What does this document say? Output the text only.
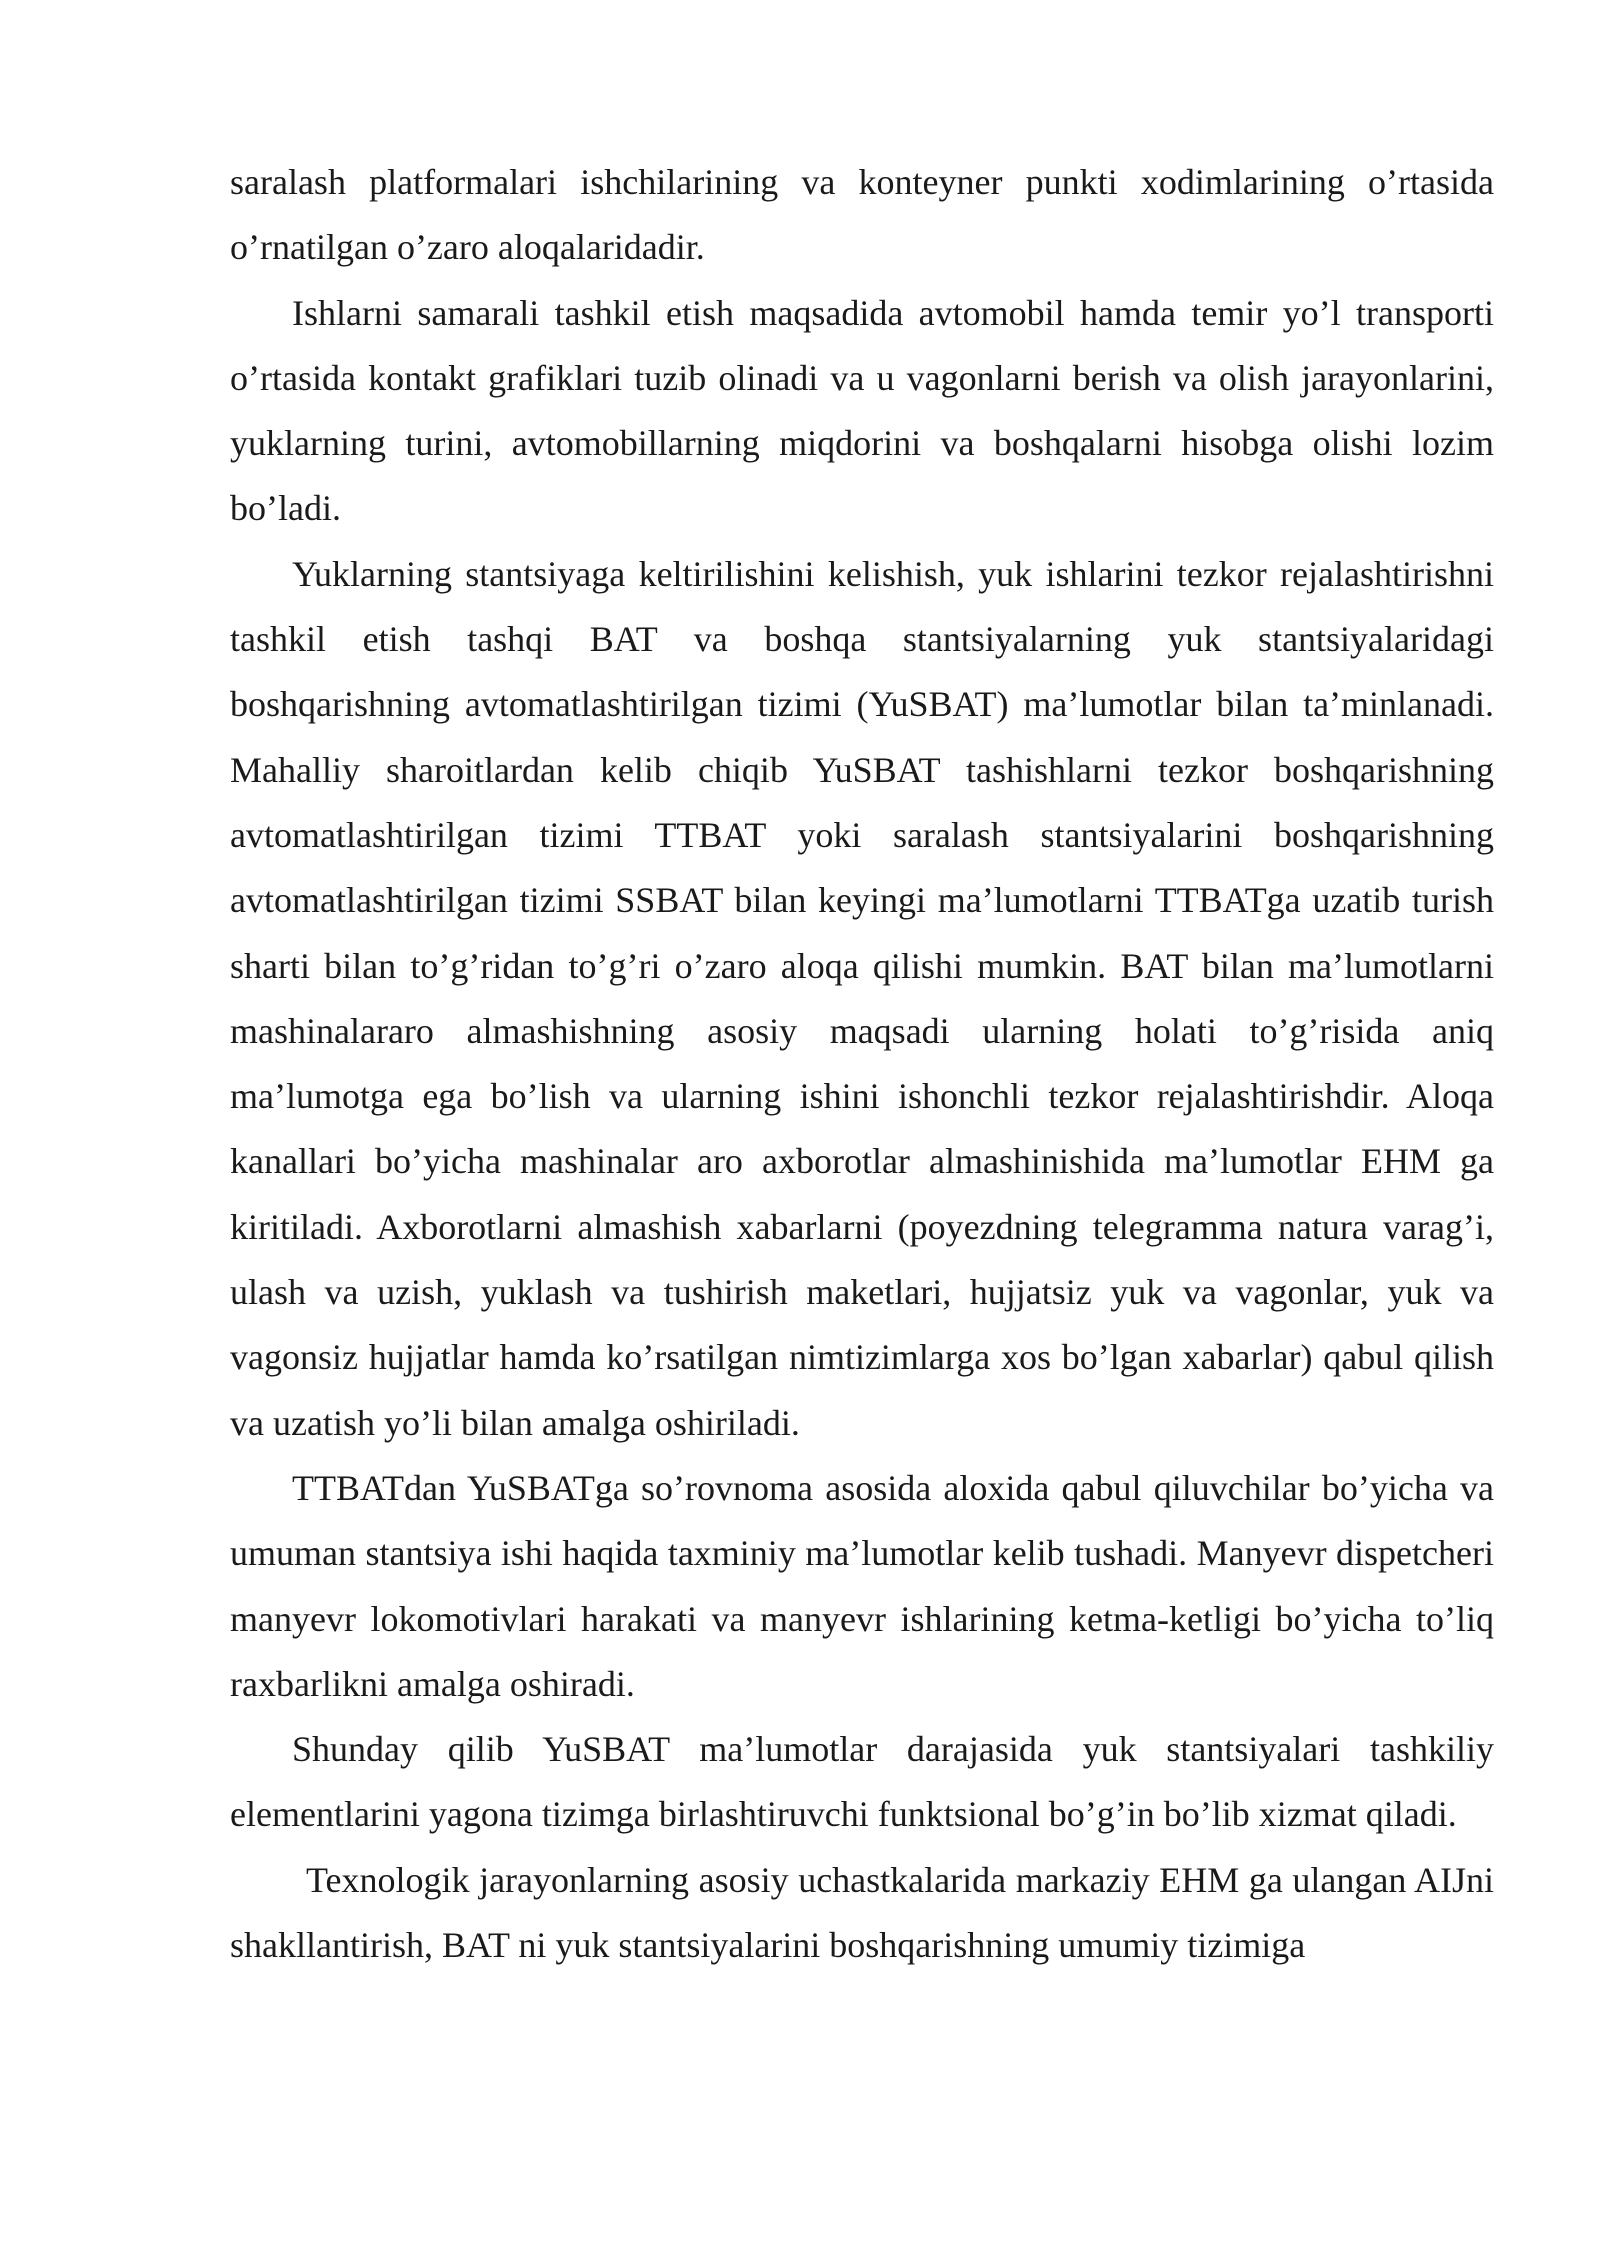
saralash platformalari ishchilarining va konteyner punkti xodimlarining o’rtasida o’rnatilgan o’zaro aloqalaridadir.

Ishlarni samarali tashkil etish maqsadida avtomobil hamda temir yo’l transporti o’rtasida kontakt grafiklari tuzib olinadi va u vagonlarni berish va olish jarayonlarini, yuklarning turini, avtomobillarning miqdorini va boshqalarni hisobga olishi lozim bo’ladi.

Yuklarning stantsiyaga keltirilishini kelishish, yuk ishlarini tezkor rejalashtirishni tashkil etish tashqi BAT va boshqa stantsiyalarning yuk stantsiyalaridagi boshqarishning avtomatlashtirilgan tizimi (YuSBAT) ma’lumotlar bilan ta’minlanadi. Mahalliy sharoitlardan kelib chiqib YuSBAT tashishlarni tezkor boshqarishning avtomatlashtirilgan tizimi TTBAT yoki saralash stantsiyalarini boshqarishning avtomatlashtirilgan tizimi SSBAT bilan keyingi ma’lumotlarni TTBATga uzatib turish sharti bilan to’g’ridan to’g’ri o’zaro aloqa qilishi mumkin. BAT bilan ma’lumotlarni mashinalararo almashishning asosiy maqsadi ularning holati to’g’risida aniq ma’lumotga ega bo’lish va ularning ishini ishonchli tezkor rejalashtirishdir. Aloqa kanallari bo’yicha mashinalar aro axborotlar almashinishida ma’lumotlar EHM ga kiritiladi. Axborotlarni almashish xabarlarni (poyezdning telegramma natura varag’i, ulash va uzish, yuklash va tushirish maketlari, hujjatsiz yuk va vagonlar, yuk va vagonsiz hujjatlar hamda ko’rsatilgan nimtizimlarga xos bo’lgan xabarlar) qabul qilish va uzatish yo’li bilan amalga oshiriladi.

TTBATdan YuSBATga so’rovnoma asosida aloxida qabul qiluvchilar bo’yicha va umuman stantsiya ishi haqida taxminiy ma’lumotlar kelib tushadi. Manyevr dispetcheri manyevr lokomotivlari harakati va manyevr ishlarining ketma-ketligi bo’yicha to’liq raxbarlikni amalga oshiradi.

Shunday qilib YuSBAT ma’lumotlar darajasida yuk stantsiyalari tashkiliy elementlarini yagona tizimga birlashtiruvchi funktsional bo’g’in bo’lib xizmat qiladi.

Texnologik jarayonlarning asosiy uchastkalarida markaziy EHM ga ulangan AIJni shakllantirish, BAT ni yuk stantsiyalarini boshqarishning umumiy tizimiga
